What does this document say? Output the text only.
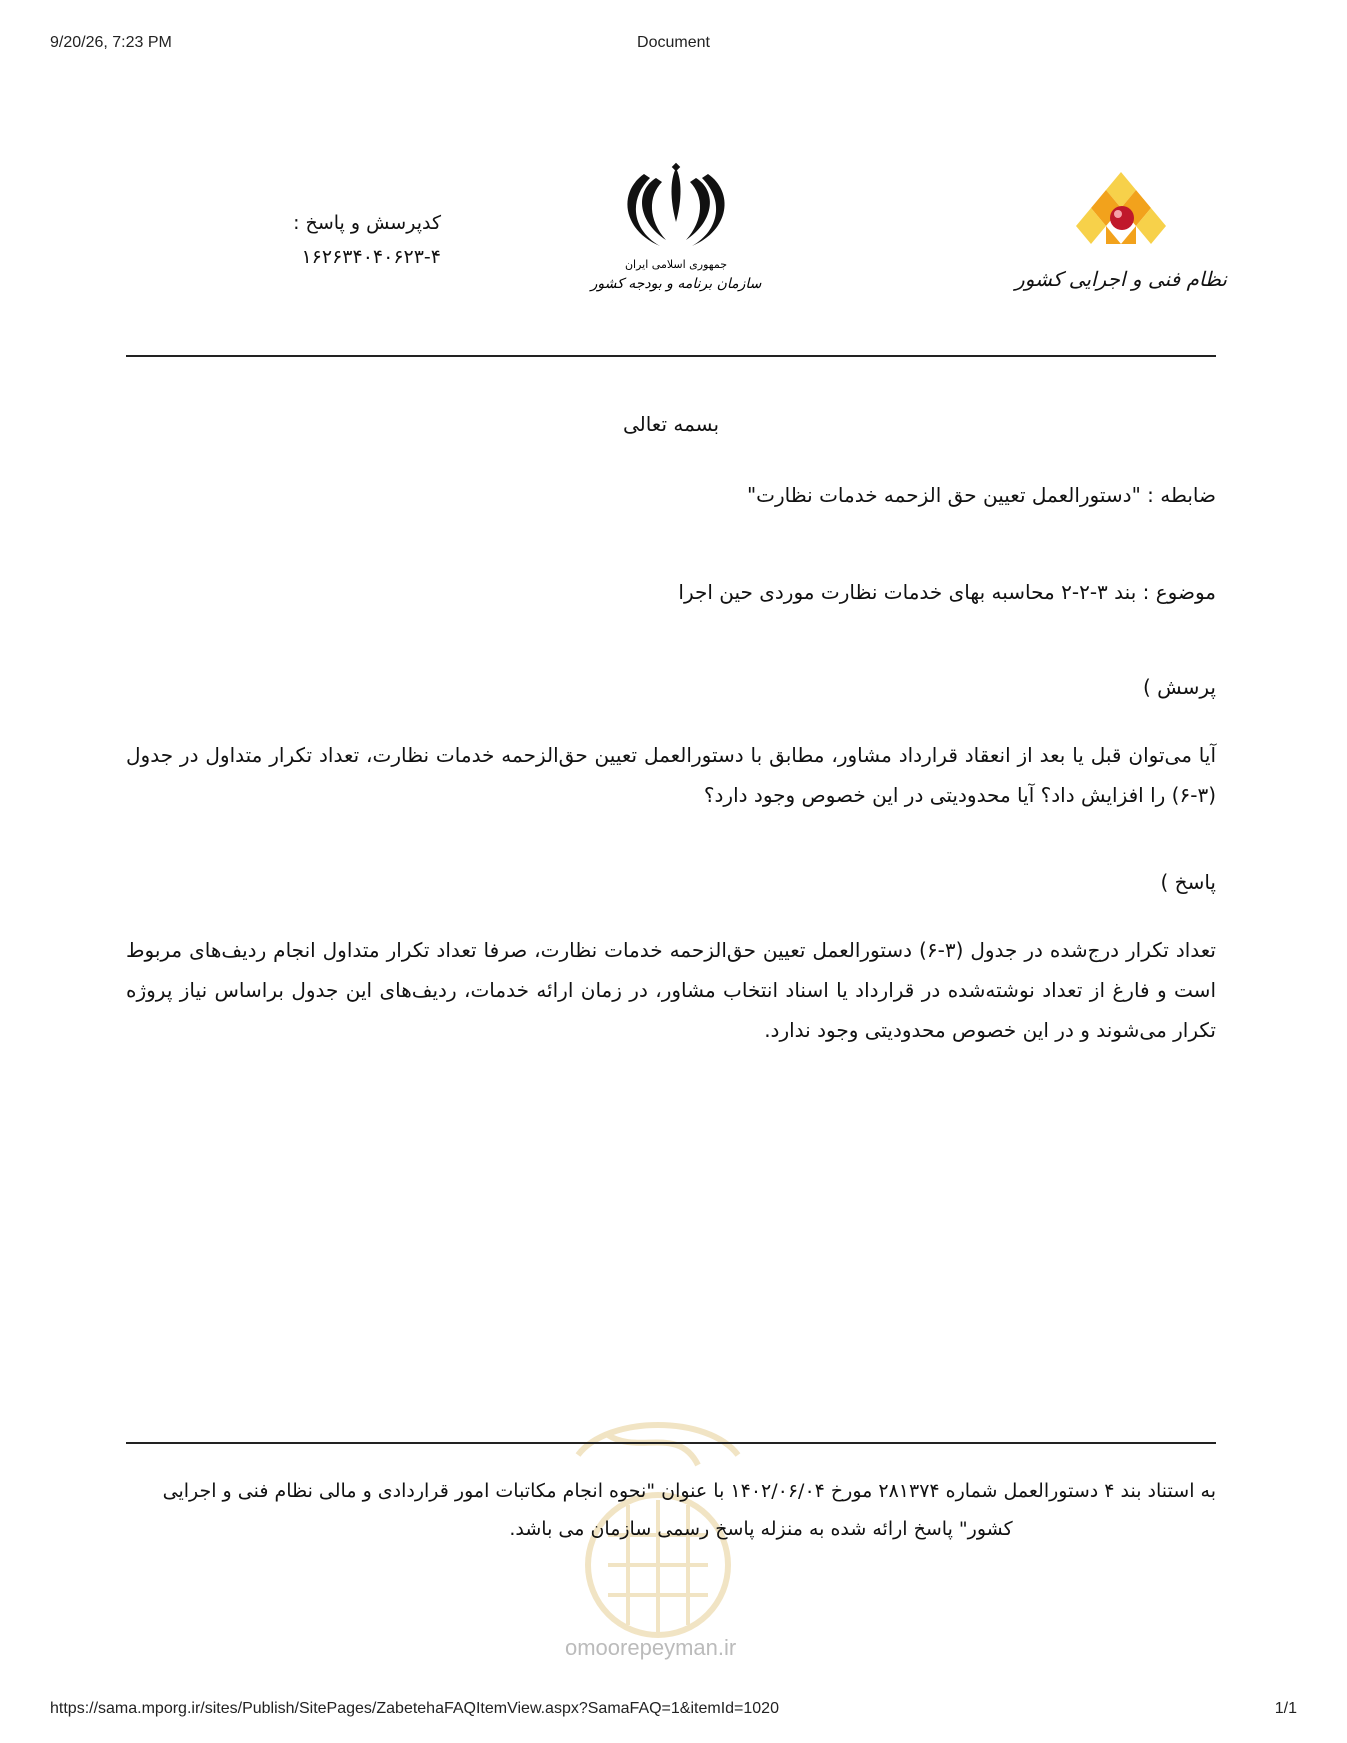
9/20/26, 7:23 PM	Document
کدپرسش و پاسخ :
۱۶۲۶۳۴۰۴۰۶۲۳-۴	جمهوری اسلامی ایران
سازمان برنامه و بودجه کشور	نظام فنی و اجرایی کشور
بسمه تعالی
ضابطه : "دستورالعمل تعیین حق الزحمه خدمات نظارت"
موضوع : بند ۳-۲-۲ محاسبه بهای خدمات نظارت موردی حین اجرا
پرسش )
آیا می‌توان قبل یا بعد از انعقاد قرارداد مشاور، مطابق با دستورالعمل تعیین حق‌الزحمه خدمات نظارت، تعداد تکرار متداول در جدول (۳-۶) را افزایش داد؟ آیا محدودیتی در این خصوص وجود دارد؟
پاسخ )
تعداد تکرار درج‌شده در جدول (۳-۶) دستورالعمل تعیین حق‌الزحمه خدمات نظارت، صرفا تعداد تکرار متداول انجام ردیف‌های مربوط است و فارغ از تعداد نوشته‌شده در قرارداد یا اسناد انتخاب مشاور، در زمان ارائه خدمات، ردیف‌های این جدول براساس نیاز پروژه تکرار می‌شوند و در این خصوص محدودیتی وجود ندارد.
omoorepeyman.ir
به استناد بند ۴ دستورالعمل شماره ۲۸۱۳۷۴ مورخ ۱۴۰۲/۰۶/۰۴ با عنوان "نحوه انجام مکاتبات امور قراردادی و مالی نظام فنی و اجرایی
کشور" پاسخ ارائه شده به منزله پاسخ رسمی سازمان می باشد.
https://sama.mporg.ir/sites/Publish/SitePages/ZabetehaFAQItemView.aspx?SamaFAQ=1&itemId=1020	1/1
